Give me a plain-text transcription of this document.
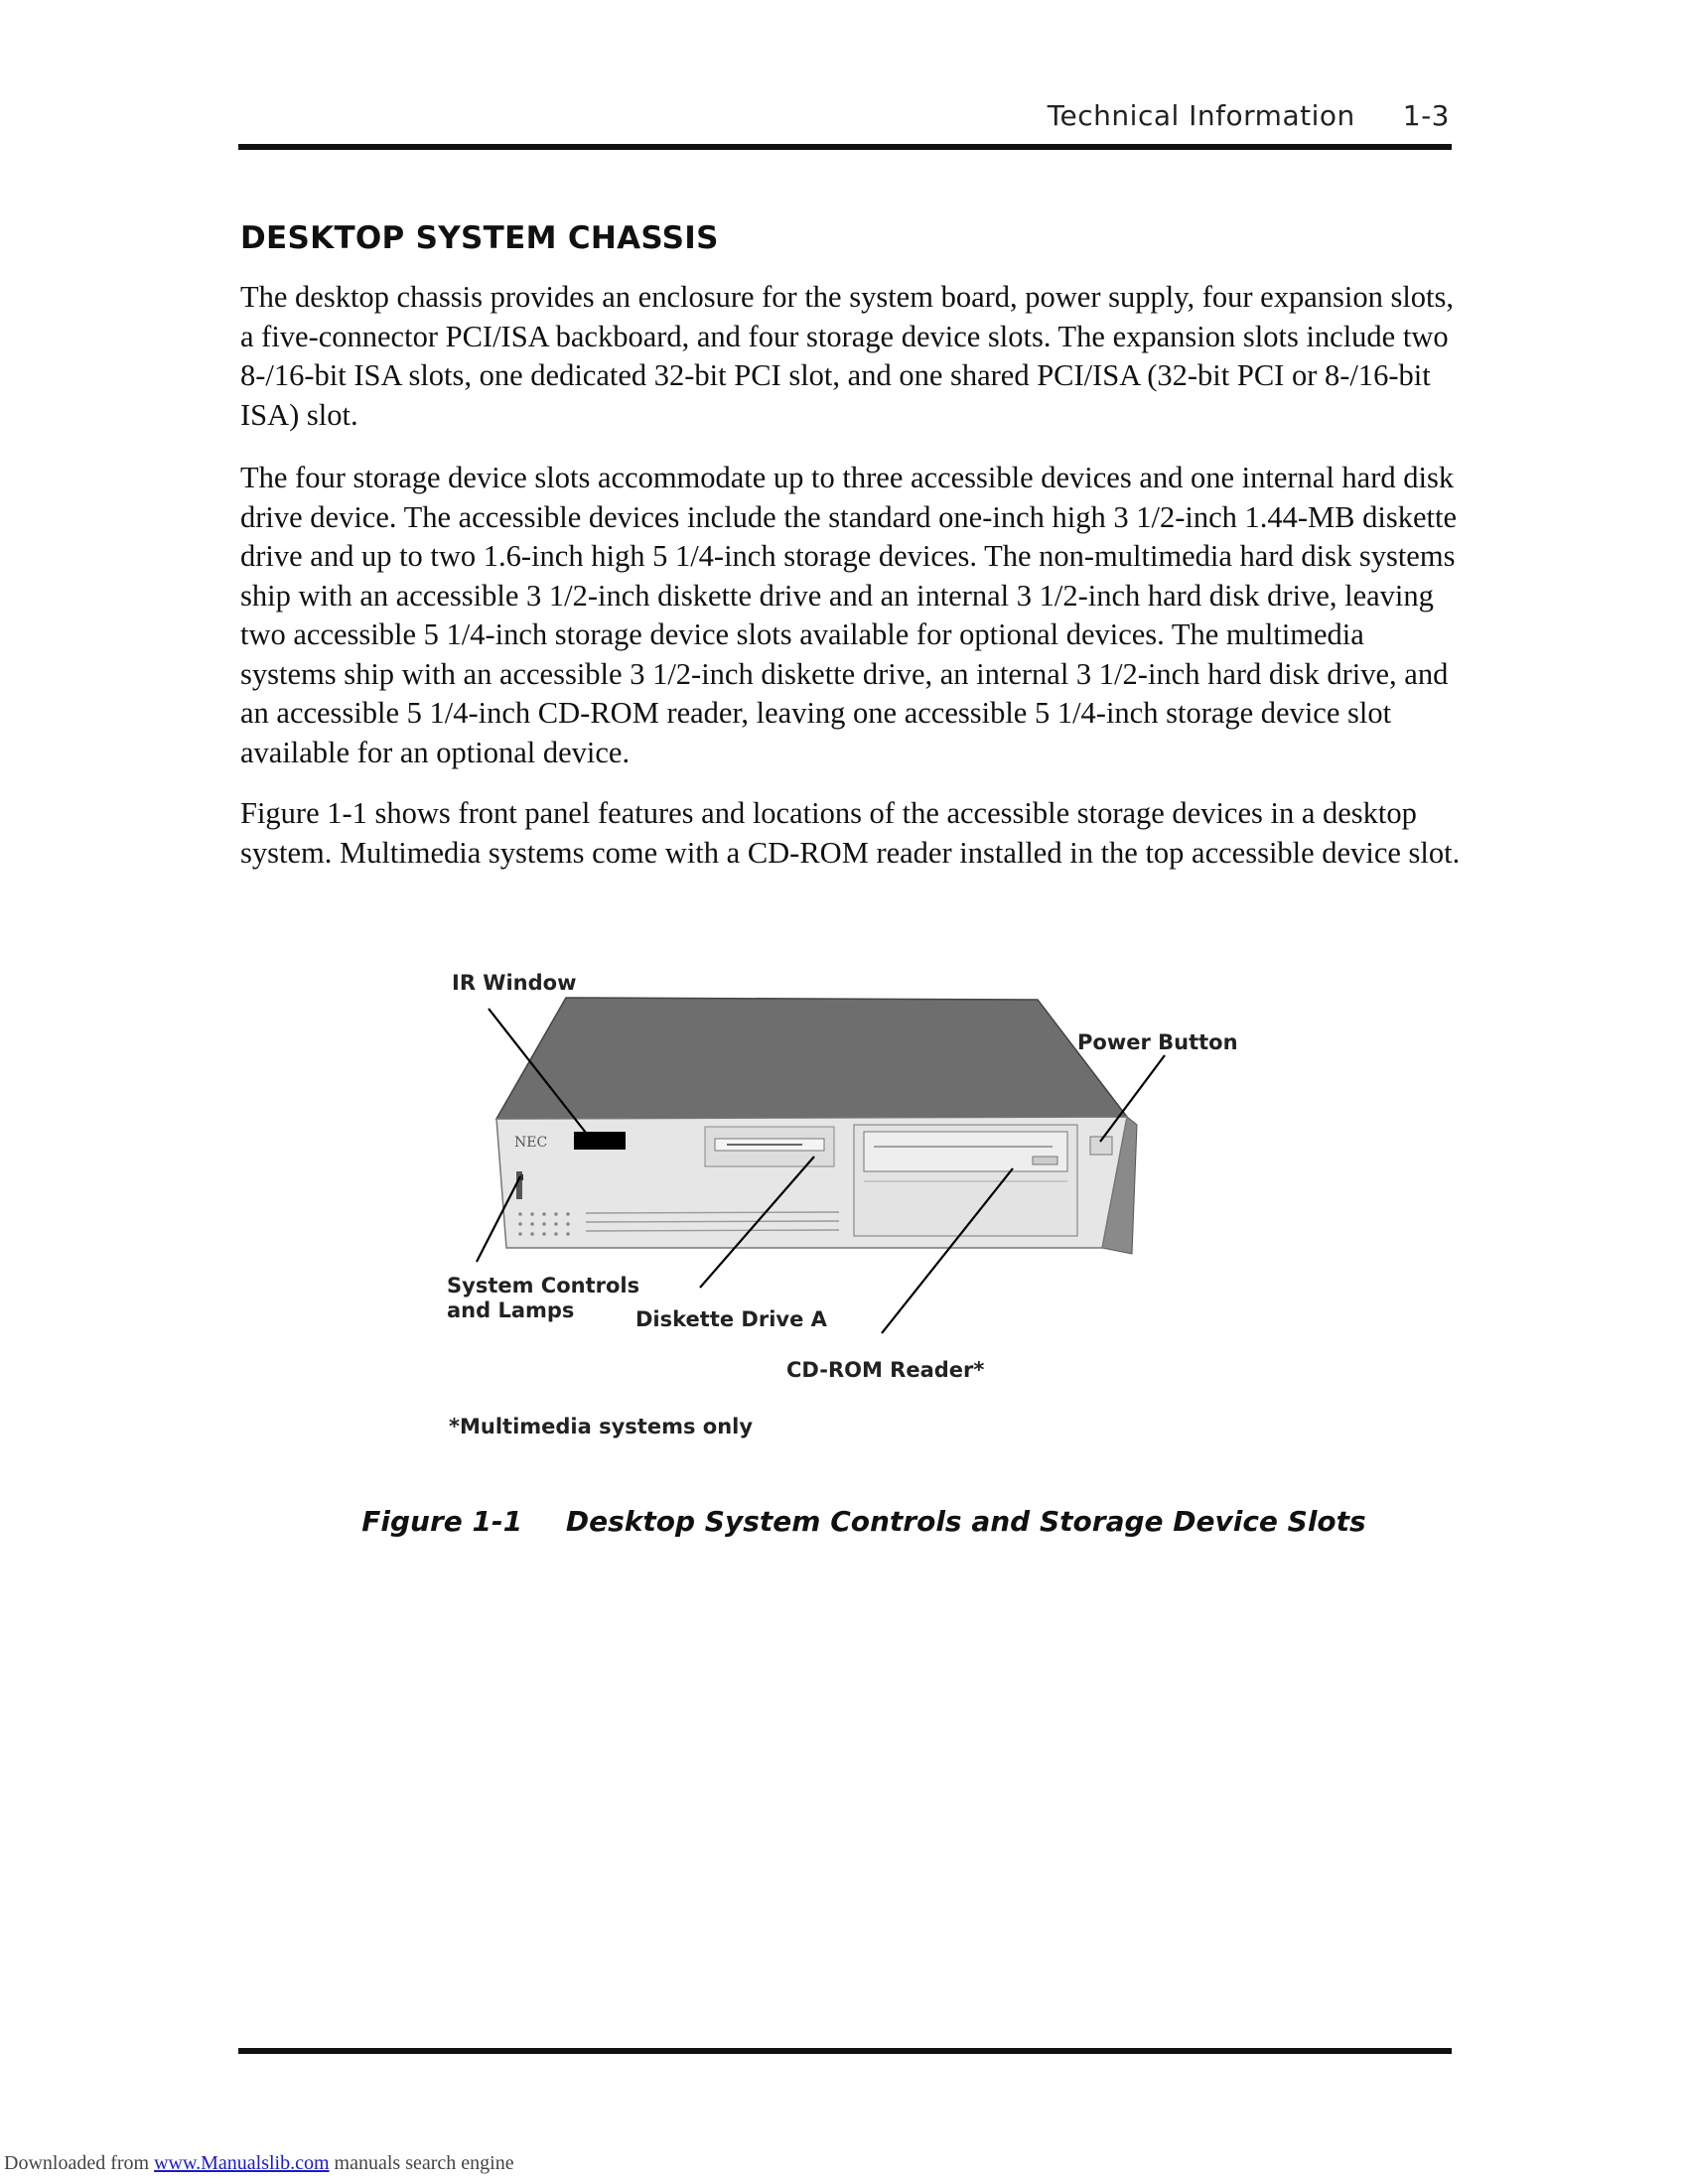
Technical Information 1-3
DESKTOP SYSTEM CHASSIS

The desktop chassis provides an enclosure for the system board, power supply, four expansion slots, a five-connector PCI/ISA backboard, and four storage device slots. The expansion slots include two 8-/16-bit ISA slots, one dedicated 32-bit PCI slot, and one shared PCI/ISA (32-bit PCI or 8-/16-bit ISA) slot.

The four storage device slots accommodate up to three accessible devices and one internal hard disk drive device. The accessible devices include the standard one-inch high 3 1/2-inch 1.44-MB diskette drive and up to two 1.6-inch high 5 1/4-inch storage devices. The non-multimedia hard disk systems ship with an accessible 3 1/2-inch diskette drive and an internal 3 1/2-inch hard disk drive, leaving two accessible 5 1/4-inch storage device slots available for optional devices. The multimedia systems ship with an accessible 3 1/2-inch diskette drive, an internal 3 1/2-inch hard disk drive, and an accessible 5 1/4-inch CD-ROM reader, leaving one accessible 5 1/4-inch storage device slot available for an optional device.

Figure 1-1 shows front panel features and locations of the accessible storage devices in a desktop system. Multimedia systems come with a CD-ROM reader installed in the top accessible device slot.

NEC
IR Window
Power Button
System Controls
and Lamps	Diskette Drive A
CD-ROM Reader*
*Multimedia systems only
Figure 1-1 Desktop System Controls and Storage Device Slots
Downloaded from www.Manualslib.com manuals search engine
